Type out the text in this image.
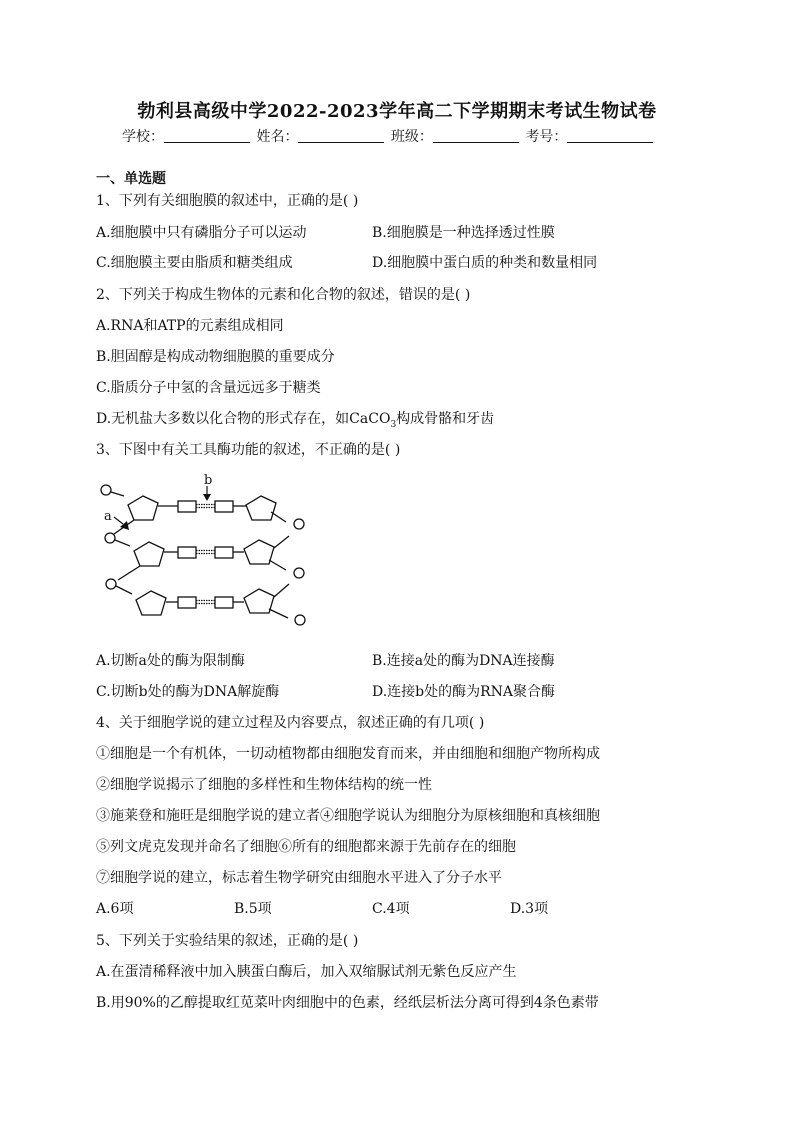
勃利县高级中学2022-2023学年高二下学期期末考试生物试卷
学校：	姓名：	班级：	考号：
一、单选题
1、下列有关细胞膜的叙述中，正确的是( )
A.细胞膜中只有磷脂分子可以运动	B.细胞膜是一种选择透过性膜
C.细胞膜主要由脂质和糖类组成	D.细胞膜中蛋白质的种类和数量相同
2、下列关于构成生物体的元素和化合物的叙述，错误的是( )
A.RNA和ATP的元素组成相同
B.胆固醇是构成动物细胞膜的重要成分
C.脂质分子中氢的含量远远多于糖类
D.无机盐大多数以化合物的形式存在，如CaCO$_3$构成骨骼和牙齿
3、下图中有关工具酶功能的叙述，不正确的是( )
b
a
A.切断a处的酶为限制酶	B.连接a处的酶为DNA连接酶
C.切断b处的酶为DNA解旋酶	D.连接b处的酶为RNA聚合酶
4、关于细胞学说的建立过程及内容要点，叙述正确的有几项( )
①细胞是一个有机体，一切动植物都由细胞发育而来，并由细胞和细胞产物所构成
②细胞学说揭示了细胞的多样性和生物体结构的统一性
③施莱登和施旺是细胞学说的建立者④细胞学说认为细胞分为原核细胞和真核细胞
⑤列文虎克发现并命名了细胞⑥所有的细胞都来源于先前存在的细胞
⑦细胞学说的建立，标志着生物学研究由细胞水平进入了分子水平
A.6项	B.5项	C.4项	D.3项
5、下列关于实验结果的叙述，正确的是( )
A.在蛋清稀释液中加入胰蛋白酶后，加入双缩脲试剂无紫色反应产生
B.用90%的乙醇提取红苋菜叶肉细胞中的色素，经纸层析法分离可得到4条色素带
